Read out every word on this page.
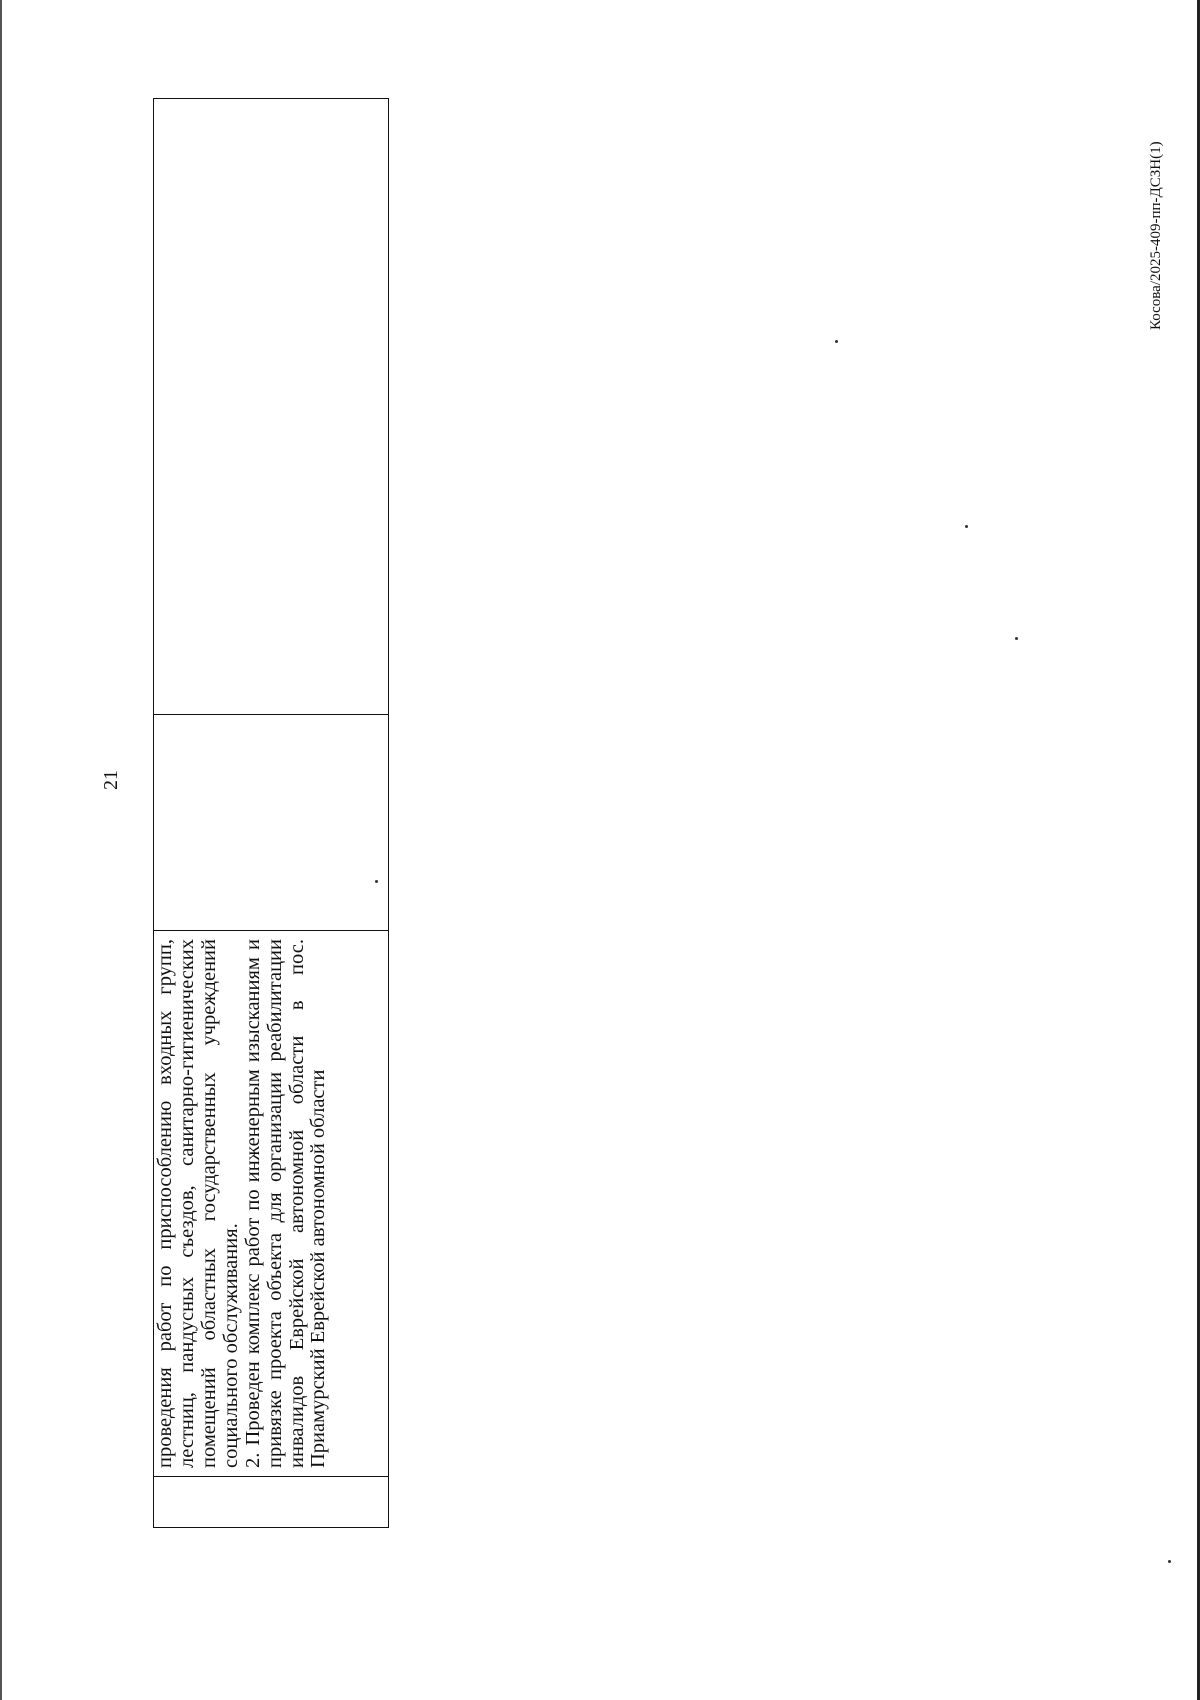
21

проведения работ по приспособлению входных групп, лестниц, пандусных съездов, санитарно-гигиенических помещений областных государственных учреждений социального обслуживания. 2. Проведен комплекс работ по инженерным изысканиям и привязке проекта объекта для организации реабилитации инвалидов Еврейской автономной области в пос. Приамурский Еврейской автономной области

Косова/2025-409-пп-ДСЗН(1)
